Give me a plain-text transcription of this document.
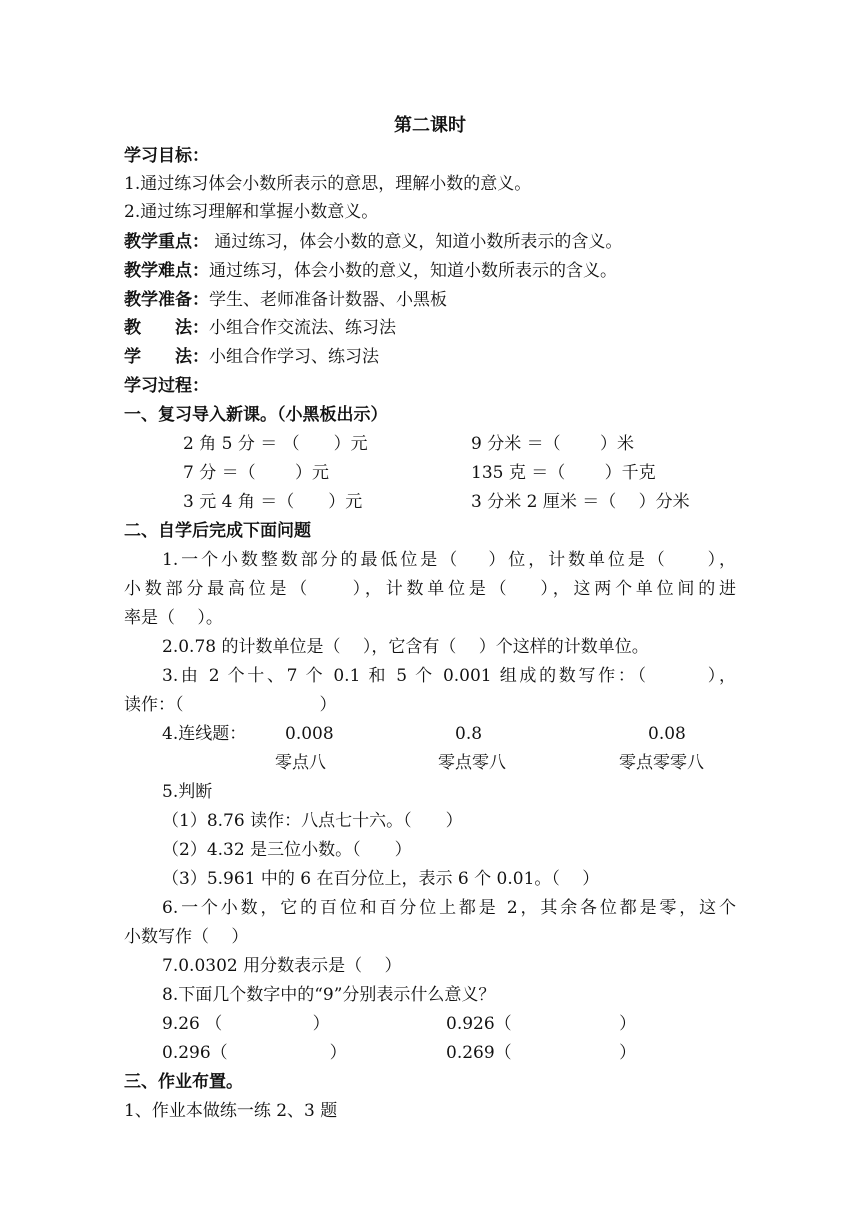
第二课时
学习目标：
1.通过练习体会小数所表示的意思，理解小数的意义。
2.通过练习理解和掌握小数意义。
教学重点： 通过练习，体会小数的意义，知道小数所表示的含义。
教学难点：通过练习，体会小数的意义，知道小数所表示的含义。
教学准备：学生、老师准备计数器、小黑板
教　　法：小组合作交流法、练习法
学　　法：小组合作学习、练习法
学习过程：
一、复习导入新课。（小黑板出示）
2 角 5 分 ＝ （　　）元	9 分米 ＝（　　 ）米
7 分 ＝（　　 ）元	135 克 ＝（　　 ）千克
3 元 4 角 ＝（　　）元	3 分米 2 厘米 ＝（　 ）分米
二、自学后完成下面问题
1.一个小数整数部分的最低位是（　 ）位，计数单位是（　　），
小数部分最高位是（　　），计数单位是（　 ），这两个单位间的进
率是（　 ）。
2.0.78 的计数单位是（　 ），它含有（　 ）个这样的计数单位。
3.由 2 个十、7 个 0.1 和 5 个 0.001 组成的数写作：（　　　），
读作：（　　　　　　　　）
4.连线题： 0.008	0.8	0.08
零点八	零点零八	零点零零八
5.判断
（1）8.76 读作：八点七十六。（　　）
（2）4.32 是三位小数。（　　）
（3）5.961 中的 6 在百分位上，表示 6 个 0.01。（　 ）
6.一个小数，它的百位和百分位上都是 2，其余各位都是零，这个
小数写作（　 ）
7.0.0302 用分数表示是（　 ）
8.下面几个数字中的“9”分别表示什么意义？
9.26 （　　　　　 ）	0.926（　　　　　　 ）
0.296（　　　　　　）	0.269（　　　　　　 ）
三、作业布置。
1、作业本做练一练 2、3 题
